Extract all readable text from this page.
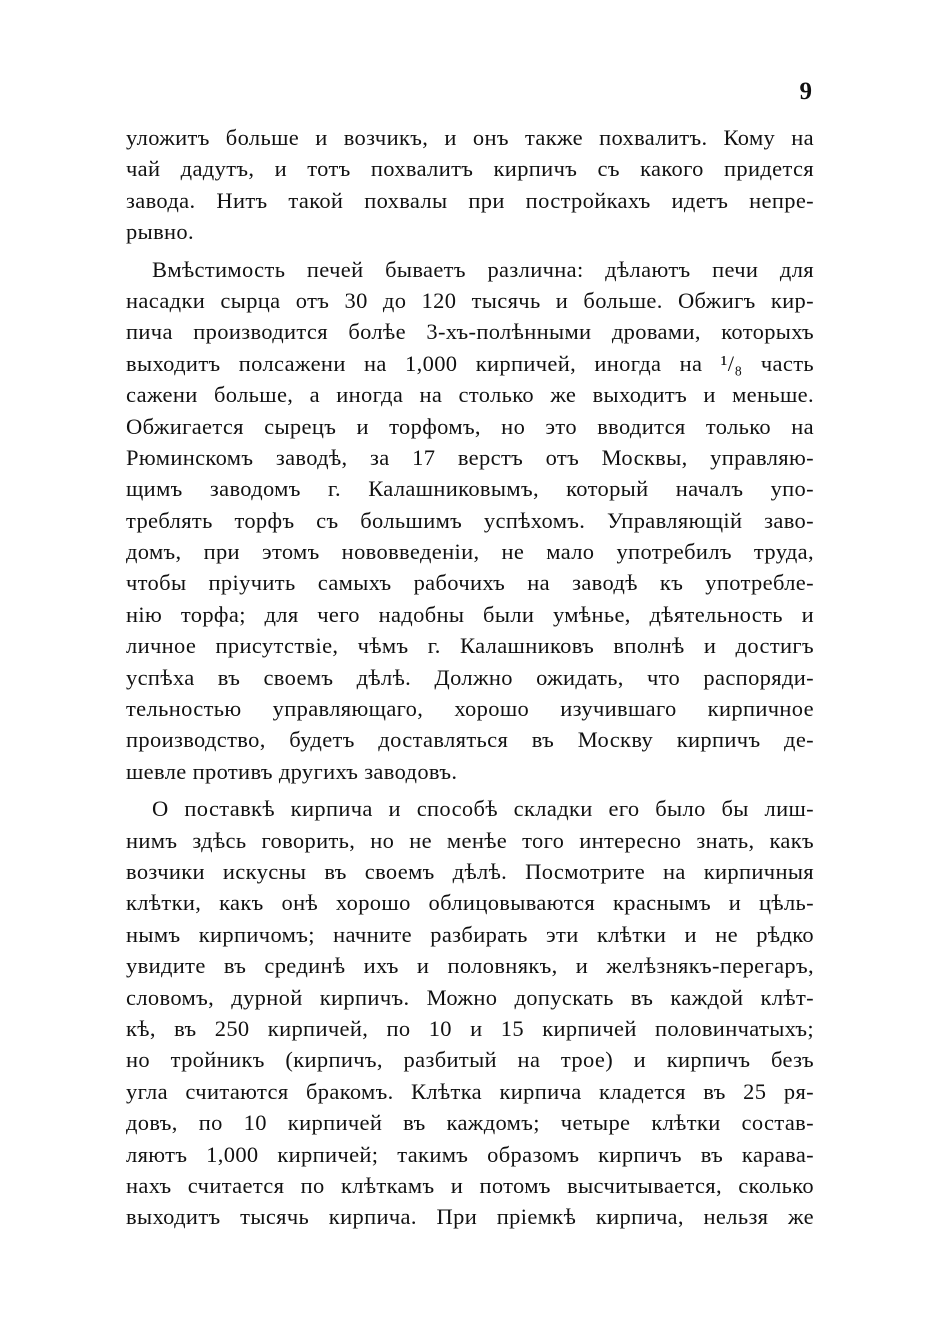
9
уложитъ больше и возчикъ, и онъ также похвалитъ. Кому на
чай дадутъ, и тотъ похвалитъ кирпичъ съ какого придется
завода. Нитъ такой похвалы при постройкахъ идетъ непре-
рывно.
Вмѣстимость печей бываетъ различна: дѣлаютъ печи для
насадки сырца отъ 30 до 120 тысячь и больше. Обжигъ кир-
пича производится болѣе 3-хъ-полѣнными дровами, которыхъ
выходитъ полсажени на 1,000 кирпичей, иногда на ¹/₈ часть
сажени больше, а иногда на столько же выходитъ и меньше.
Обжигается сырецъ и торфомъ, но это вводится только на
Рюминскомъ заводѣ, за 17 верстъ отъ Москвы, управляю-
щимъ заводомъ г. Калашниковымъ, который началъ упо-
треблять торфъ съ большимъ успѣхомъ. Управляющій заво-
домъ, при этомъ нововведеніи, не мало употребилъ труда,
чтобы пріучить самыхъ рабочихъ на заводѣ къ употребле-
нію торфа; для чего надобны были умѣнье, дѣятельность и
личное присутствіе, чѣмъ г. Калашниковъ вполнѣ и достигъ
успѣха въ своемъ дѣлѣ. Должно ожидать, что распоряди-
тельностью управляющаго, хорошо изучившаго кирпичное
производство, будетъ доставляться въ Москву кирпичъ де-
шевле противъ другихъ заводовъ.
О поставкѣ кирпича и способѣ складки его было бы лиш-
нимъ здѣсь говорить, но не менѣе того интересно знать, какъ
возчики искусны въ своемъ дѣлѣ. Посмотрите на кирпичныя
клѣтки, какъ онѣ хорошо облицовываются краснымъ и цѣль-
нымъ кирпичомъ; начните разбирать эти клѣтки и не рѣдко
увидите въ срединѣ ихъ и половнякъ, и желѣзнякъ-перегаръ,
словомъ, дурной кирпичъ. Можно допускать въ каждой клѣт-
кѣ, въ 250 кирпичей, по 10 и 15 кирпичей половинчатыхъ;
но тройникъ (кирпичъ, разбитый на трое) и кирпичъ безъ
угла считаются бракомъ. Клѣтка кирпича кладется въ 25 ря-
довъ, по 10 кирпичей въ каждомъ; четыре клѣтки состав-
ляютъ 1,000 кирпичей; такимъ образомъ кирпичъ въ карава-
нахъ считается по клѣткамъ и потомъ высчитывается, сколько
выходитъ тысячь кирпича. При пріемкѣ кирпича, нельзя же
